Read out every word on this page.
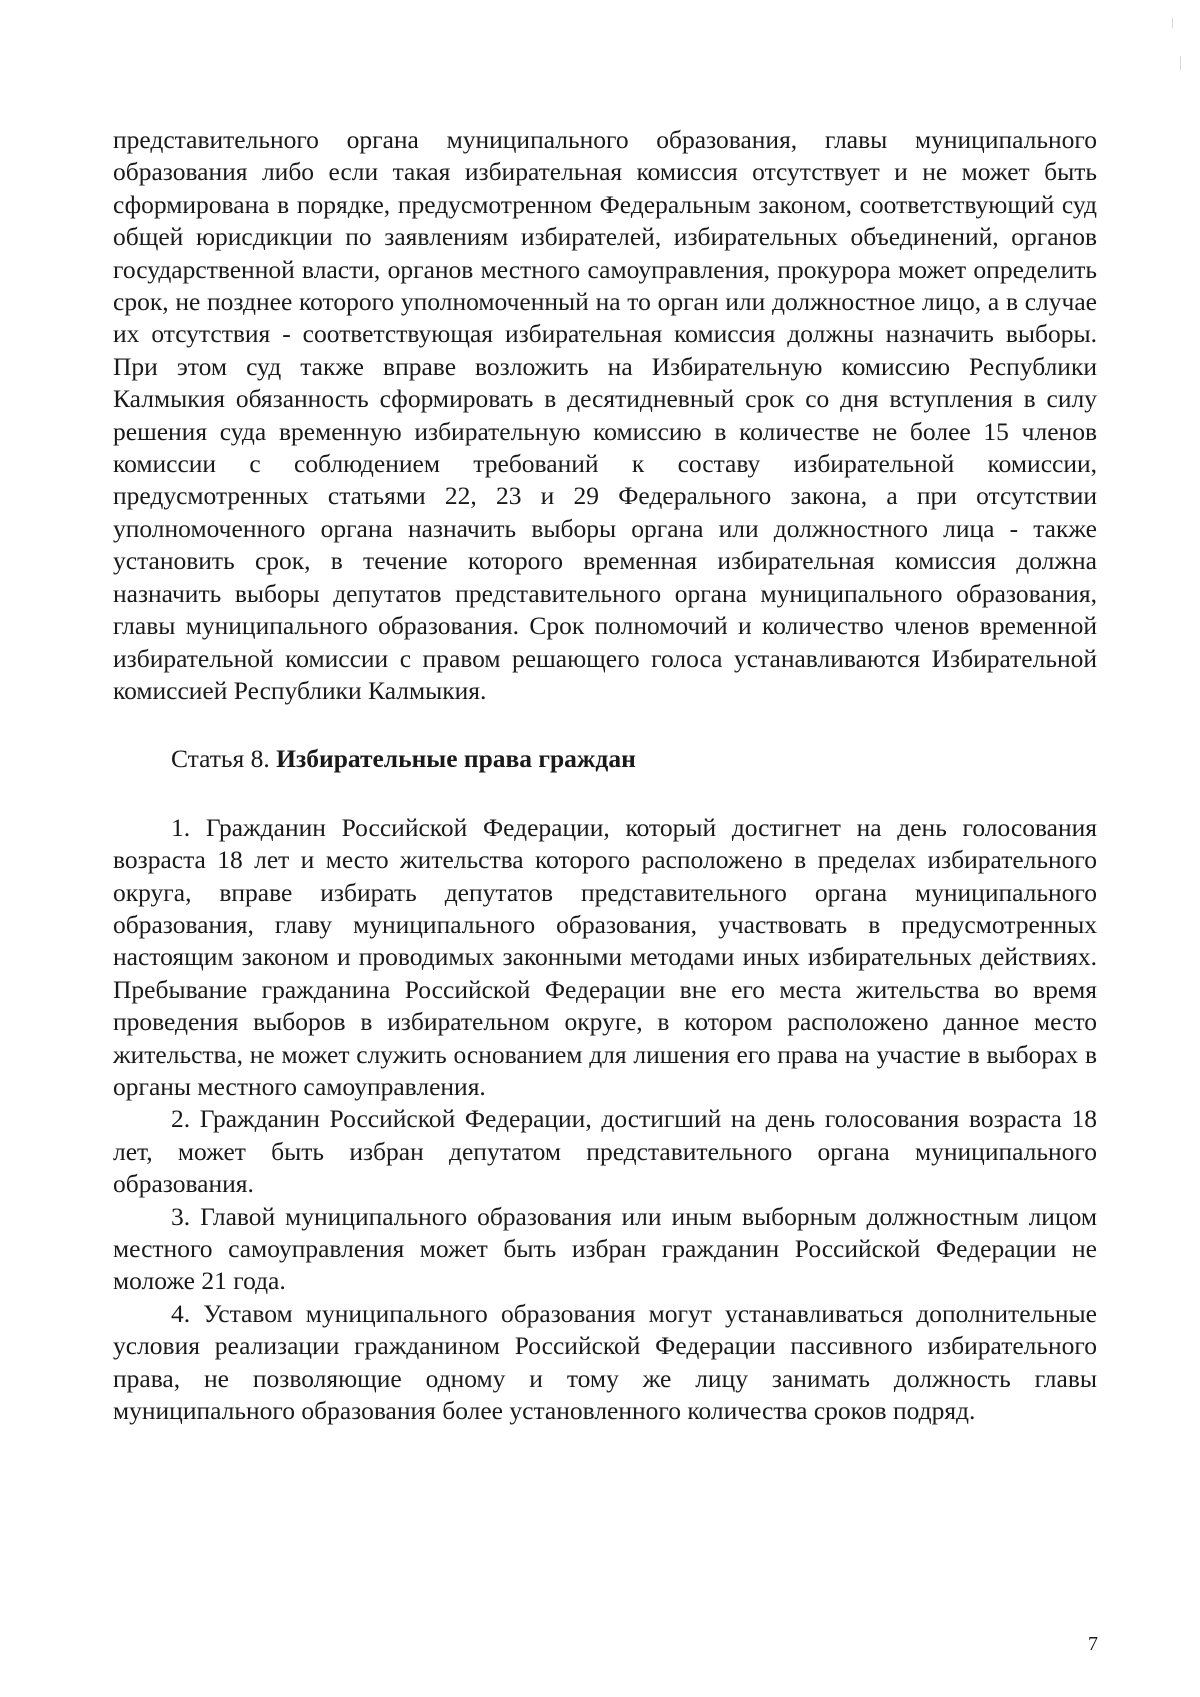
представительного органа муниципального образования, главы муниципального образования либо если такая избирательная комиссия отсутствует и не может быть сформирована в порядке, предусмотренном Федеральным законом, соответствующий суд общей юрисдикции по заявлениям избирателей, избирательных объединений, органов государственной власти, органов местного самоуправления, прокурора может определить срок, не позднее которого уполномоченный на то орган или должностное лицо, а в случае их отсутствия - соответствующая избирательная комиссия должны назначить выборы. При этом суд также вправе возложить на Избирательную комиссию Республики Калмыкия обязанность сформировать в десятидневный срок со дня вступления в силу решения суда временную избирательную комиссию в количестве не более 15 членов комиссии с соблюдением требований к составу избирательной комиссии, предусмотренных статьями 22, 23 и 29 Федерального закона, а при отсутствии уполномоченного органа назначить выборы органа или должностного лица - также установить срок, в течение которого временная избирательная комиссия должна назначить выборы депутатов представительного органа муниципального образования, главы муниципального образования. Срок полномочий и количество членов временной избирательной комиссии с правом решающего голоса устанавливаются Избирательной комиссией Республики Калмыкия.

Статья 8. Избирательные права граждан

1. Гражданин Российской Федерации, который достигнет на день голосования возраста 18 лет и место жительства которого расположено в пределах избирательного округа, вправе избирать депутатов представительного органа муниципального образования, главу муниципального образования, участвовать в предусмотренных настоящим законом и проводимых законными методами иных избирательных действиях. Пребывание гражданина Российской Федерации вне его места жительства во время проведения выборов в избирательном округе, в котором расположено данное место жительства, не может служить основанием для лишения его права на участие в выборах в органы местного самоуправления.

2. Гражданин Российской Федерации, достигший на день голосования возраста 18 лет, может быть избран депутатом представительного органа муниципального образования.

3. Главой муниципального образования или иным выборным должностным лицом местного самоуправления может быть избран гражданин Российской Федерации не моложе 21 года.

4. Уставом муниципального образования могут устанавливаться дополнительные условия реализации гражданином Российской Федерации пассивного избирательного права, не позволяющие одному и тому же лицу занимать должность главы муниципального образования более установленного количества сроков подряд.

7
